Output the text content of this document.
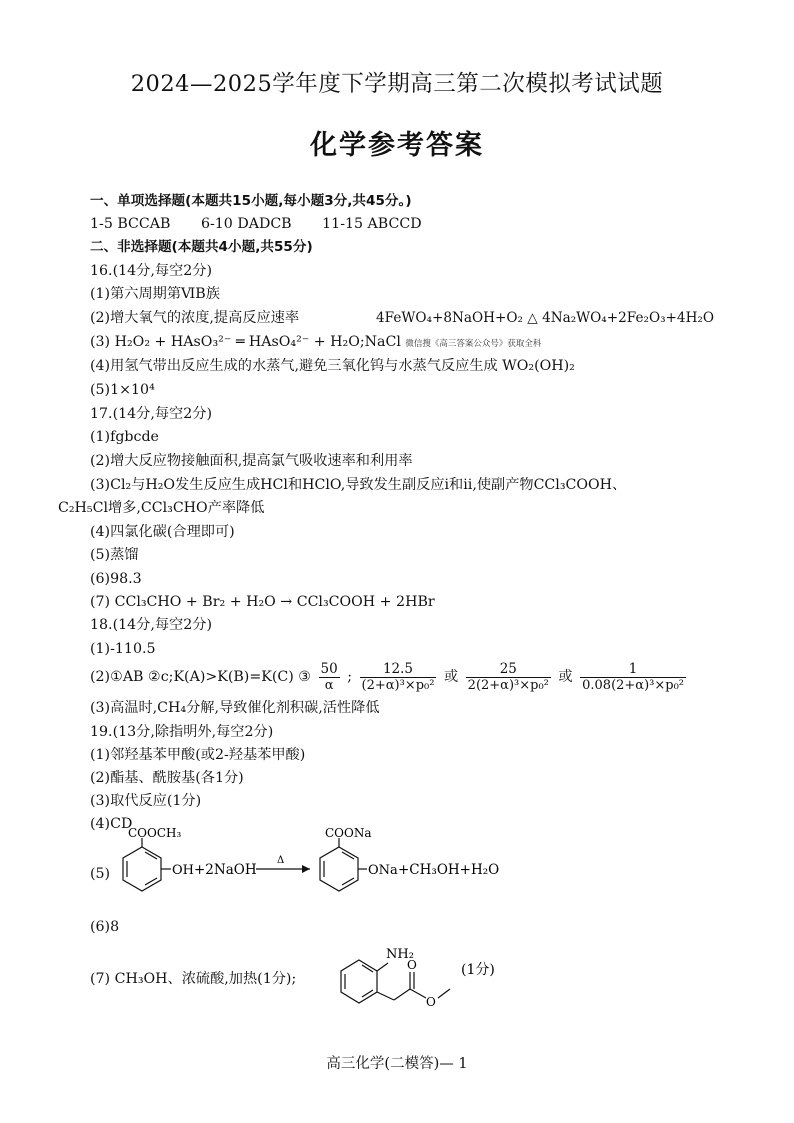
2024—2025学年度下学期高三第二次模拟考试试题
化学参考答案
一、单项选择题(本题共15小题,每小题3分,共45分。)
1-5 BCCAB 6-10 DADCB 11-15 ABCCD
二、非选择题(本题共4小题,共55分)
16.(14分,每空2分)
(1)第六周期第ⅥB族
(2)增大氧气的浓度,提高反应速率	4FeWO₄+8NaOH+O₂ △ 4Na₂WO₄+2Fe₂O₃+4H₂O
(3) H₂O₂ + HAsO₃²⁻ ═ HAsO₄²⁻ + H₂O;NaCl 微信搜《高三答案公众号》获取全科
(4)用氢气带出反应生成的水蒸气,避免三氧化钨与水蒸气反应生成 WO₂(OH)₂
(5)1×10⁴
17.(14分,每空2分)
(1)fgbcde
(2)增大反应物接触面积,提高氯气吸收速率和利用率
(3)Cl₂与H₂O发生反应生成HCl和HClO,导致发生副反应ⅰ和ⅱ,使副产物CCl₃COOH、
C₂H₅Cl增多,CCl₃CHO产率降低
(4)四氯化碳(合理即可)
(5)蒸馏
(6)98.3
(7) CCl₃CHO + Br₂ + H₂O → CCl₃COOH + 2HBr
18.(14分,每空2分)
(1)-110.5
(2)①AB ②c;K(A)>K(B)=K(C) ③ $\frac{50}{\alpha}$ ; $\frac{12.5}{\text{(2+α)³×p₀²}}$ 或 $\frac{25}{\text{2(2+α)³×p₀²}}$ 或 $\frac{1}{\text{0.08(2+α)³×p₀²}}$
(3)高温时,CH₄分解,导致催化剂积碳,活性降低
19.(13分,除指明外,每空2分)
(1)邻羟基苯甲酸(或2-羟基苯甲酸)
(2)酯基、酰胺基(各1分)
(3)取代反应(1分)
(4)CD
(5)
COOCH₃
OH +2NaOH
Δ
COONa
ONa +CH₃OH+H₂O
(6)8
(7) CH₃OH、浓硫酸,加热(1分);
NH₂
O
O
(1分)
高三化学(二模答)— 1
